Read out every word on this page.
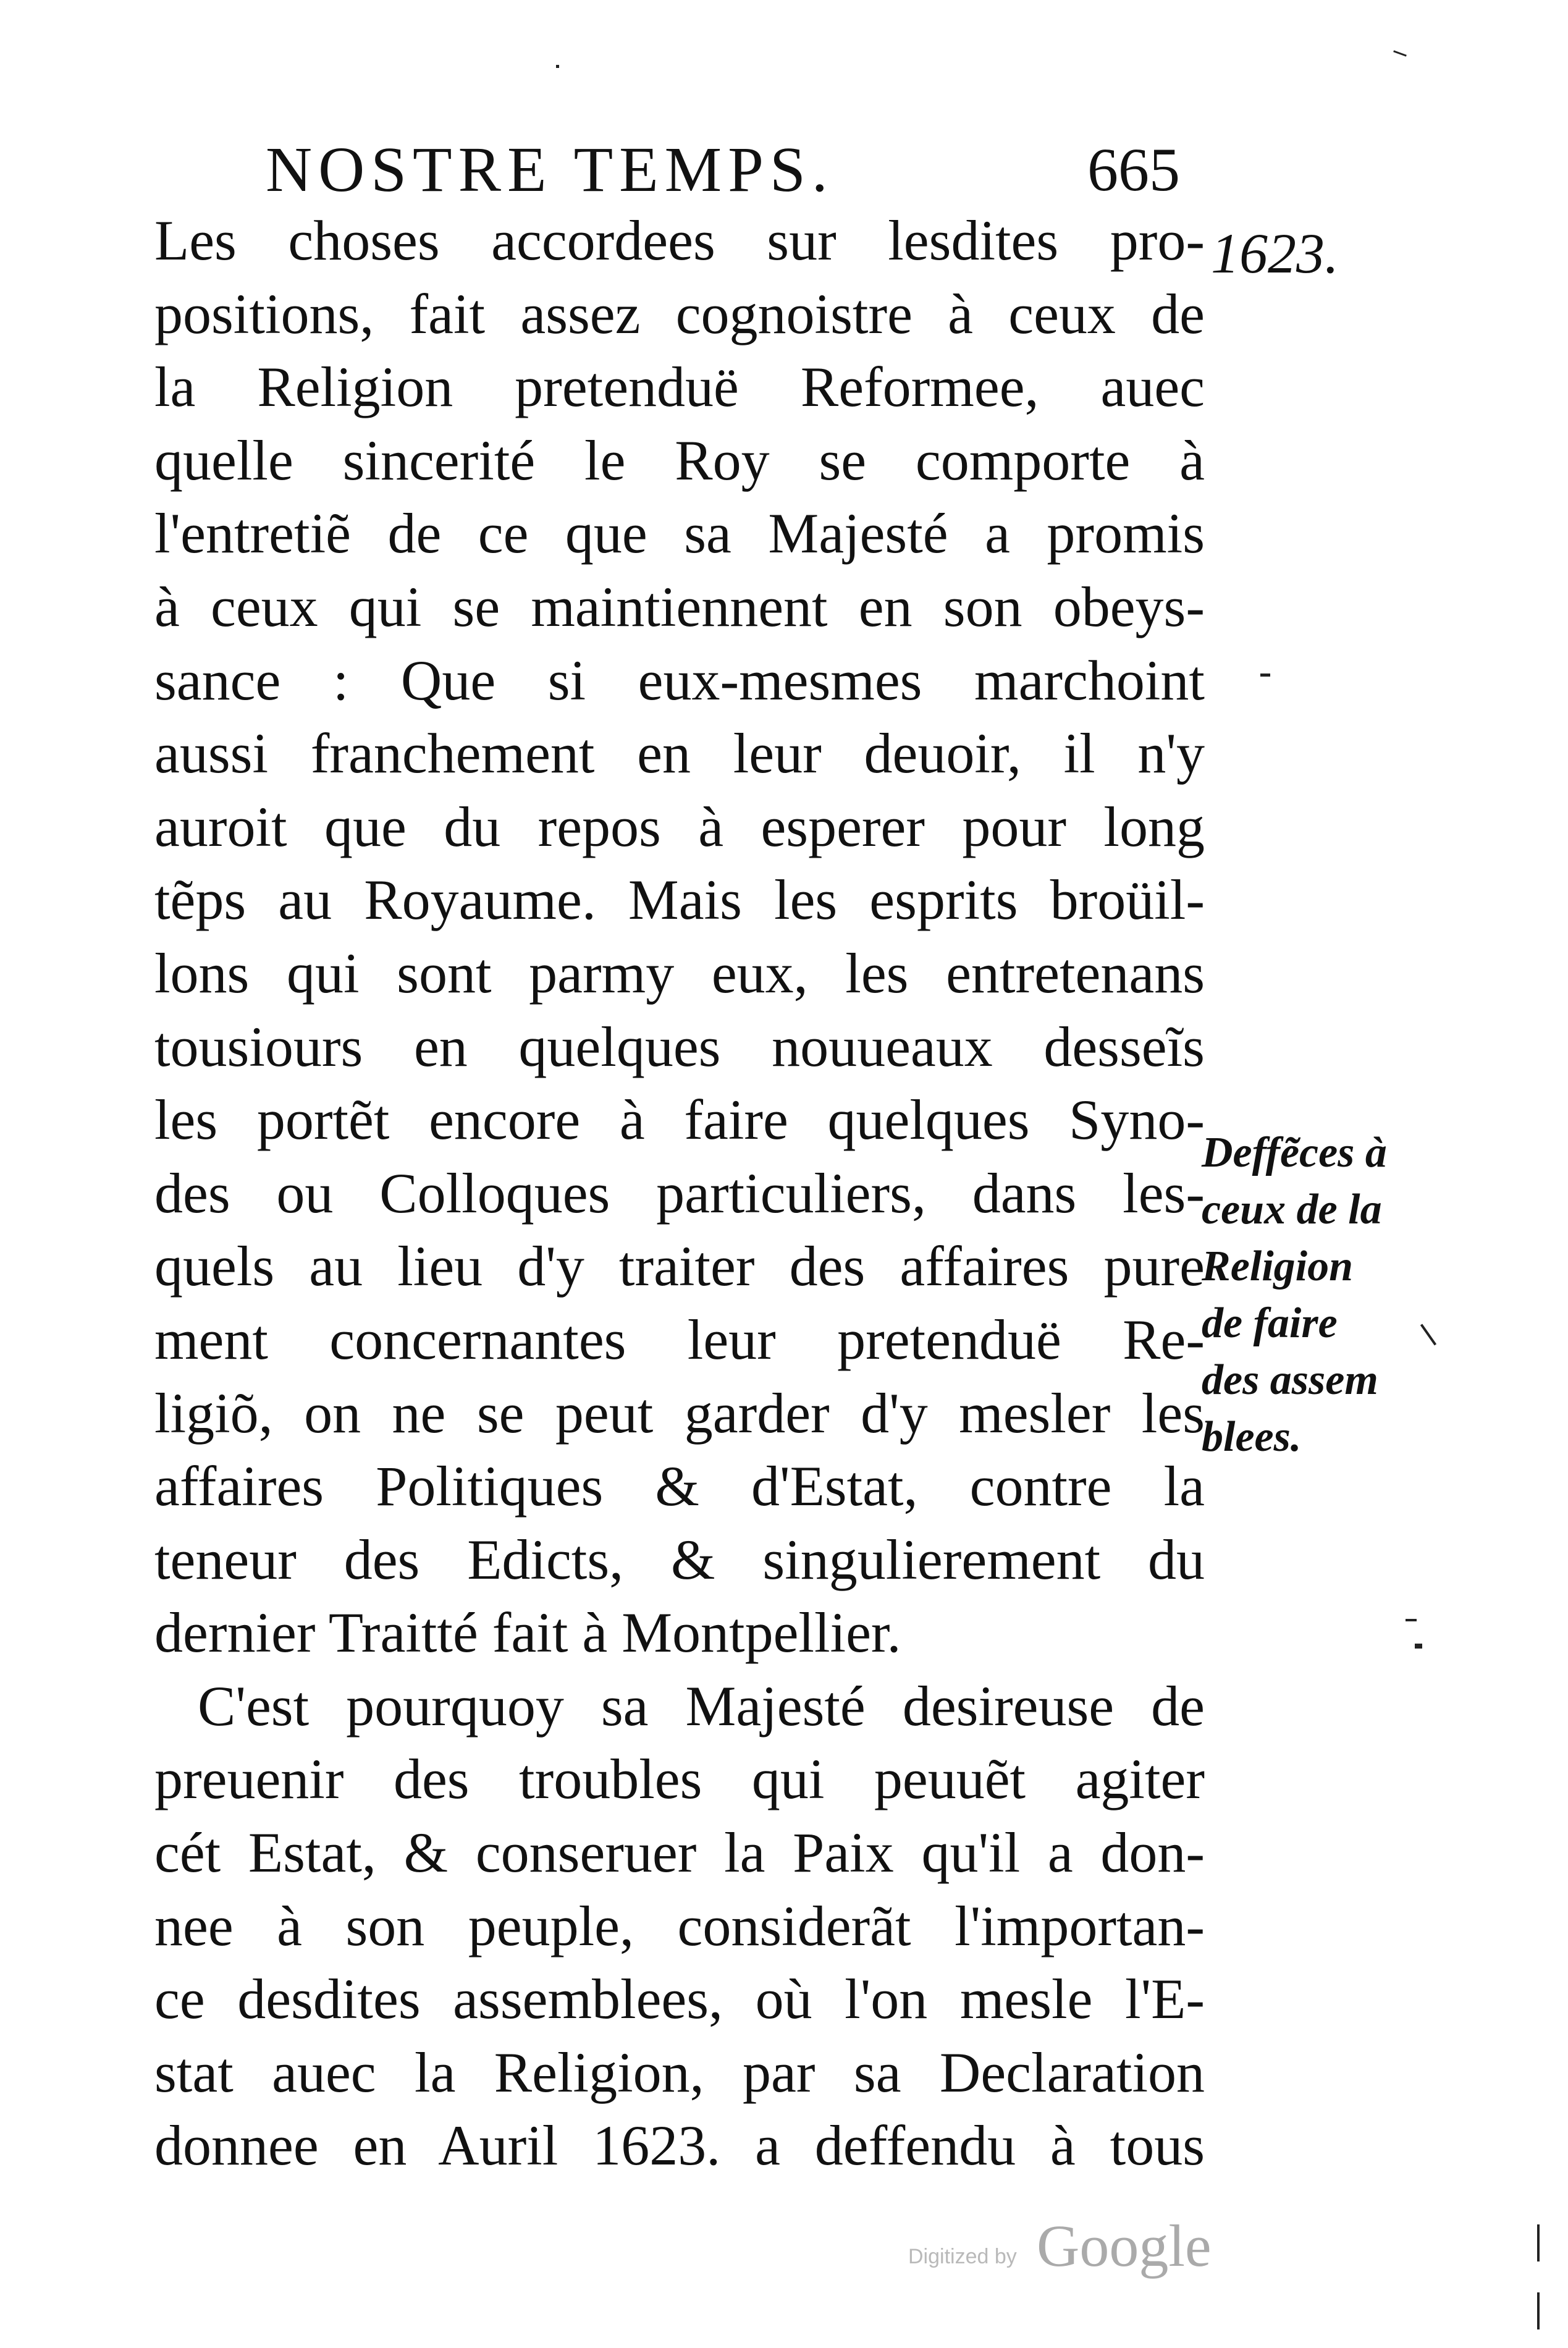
NOSTRE TEMPS.	665
1623.
Les choses accordees sur lesdites pro-
positions, fait assez cognoistre à ceux de
la Religion pretenduë Reformee, auec
quelle sincerité le Roy se comporte à
l'entretiẽ de ce que sa Majesté a promis
à ceux qui se maintiennent en son obeys-
sance : Que si eux-mesmes marchoint
aussi franchement en leur deuoir, il n'y
auroit que du repos à esperer pour long
tẽps au Royaume. Mais les esprits broüil-
lons qui sont parmy eux, les entretenans
tousiours en quelques nouueaux desseĩs
les portẽt encore à faire quelques Syno-
des ou Colloques particuliers, dans les-
quels au lieu d'y traiter des affaires pure
ment concernantes leur pretenduë Re-
ligiõ, on ne se peut garder d'y mesler les
affaires Politiques & d'Estat, contre la
teneur des Edicts, & singulierement du
dernier Traitté fait à Montpellier.
C'est pourquoy sa Majesté desireuse de
preuenir des troubles qui peuuẽt agiter
cét Estat, & conseruer la Paix qu'il a don-
nee à son peuple, considerãt l'importan-
ce desdites assemblees, où l'on mesle l'E-
stat auec la Religion, par sa Declaration
donnee en Auril 1623. a deffendu à tous
Deffẽces à
ceux de la
Religion
de faire
des assem
blees.
Digitized by Google
